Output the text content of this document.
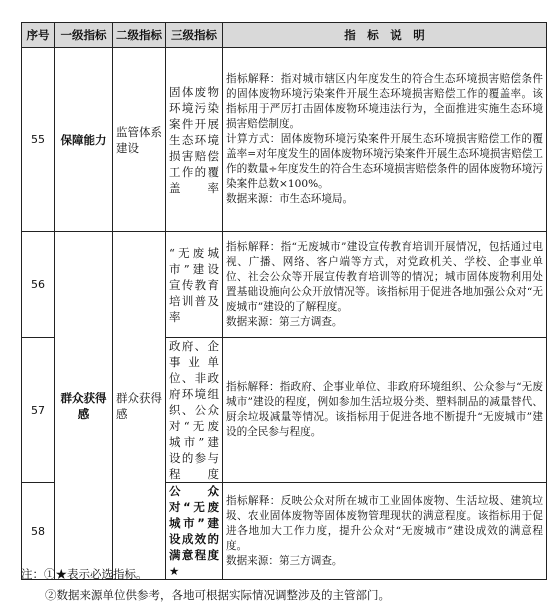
序号	一级指标	二级指标	三级指标	指　标　说　明
55	保障能力	监管体系建设	固体废物环境污染案件开展生态环境损害赔偿工作的覆盖率	指标解释：指对城市辖区内年度发生的符合生态环境损害赔偿条件的固体废物环境污染案件开展生态环境损害赔偿工作的覆盖率。该指标用于严厉打击固体废物环境违法行为，全面推进实施生态环境损害赔偿制度。

计算方式：固体废物环境污染案件开展生态环境损害赔偿工作的覆盖率=对年度发生的固体废物环境污染案件开展生态环境损害赔偿工作的数量÷年度发生的符合生态环境损害赔偿条件的固体废物环境污染案件总数×100%。

数据来源：市生态环境局。

56	群众获得感	群众获得感	“无废城市”建设宣传教育培训普及率	指标解释：指“无废城市”建设宣传教育培训开展情况，包括通过电视、广播、网络、客户端等方式，对党政机关、学校、企事业单位、社会公众等开展宣传教育培训等的情况；城市固体废物利用处置基础设施向公众开放情况等。该指标用于促进各地加强公众对“无废城市”建设的了解程度。

数据来源：第三方调查。

57			政府、企事业单位、非政府环境组织、公众对“无废城市”建设的参与程度	指标解释：指政府、企事业单位、非政府环境组织、公众参与“无废城市”建设的程度，例如参加生活垃圾分类、塑料制品的减量替代、厨余垃圾减量等情况。该指标用于促进各地不断提升“无废城市”建设的全民参与程度。

58			公众对“无废城市”建设成效的满意程度★	指标解释：反映公众对所在城市工业固体废物、生活垃圾、建筑垃圾、农业固体废物等固体废物管理现状的满意程度。该指标用于促进各地加大工作力度，提升公众对“无废城市”建设成效的满意程度。

数据来源：第三方调查。

注：①★表示必选指标。

②数据来源单位供参考，各地可根据实际情况调整涉及的主管部门。
